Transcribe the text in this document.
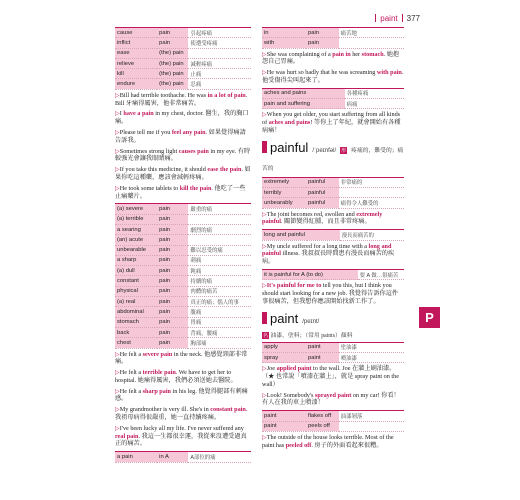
paint 377
cause	pain	引起疼痛
inflict	pain	使遭受疼痛
ease	(the) pain	
relieve	(the) pain	減輕疼痛
kill	(the) pain	止痛
endure	(the) pain	忍痛
▷Bill had terrible toothache. He was in a lot of pain. Bill 牙痛得厲害，他非常痛苦。
▷I have a pain in my chest, doctor. 醫生，我的胸口痛。
▷Please tell me if you feel any pain. 如果覺得痛請告訴我。
▷Sometimes strong light causes pain in my eye. 有時較強光會讓我眼睛痛。
▷If you take this medicine, it should ease the pain. 如果你吃這種藥，應該會減輕疼痛。
▷He took some tablets to kill the pain. 他吃了一些止痛藥片。
(a) severe	pain	嚴重的痛
(a) terrible	pain	
a searing	pain	劇烈的痛
(an) acute	pain	
unbearable	pain	難以忍受的痛
a sharp	pain	刺痛
(a) dull	pain	鈍痛
constant	pain	持續的痛
physical	pain	肉體的痛苦
(a) real	pain	真正的痛；惱人的事
abdominal	pain	腹痛
stomach	pain	胃痛
back	pain	背痛，腰痛
chest	pain	胸部痛
▷He felt a severe pain in the neck. 他感覺頸部非常痛。
▷He felt a terrible pain. We have to get her to hospital. 她痛得厲害，我們必須送她去醫院。
▷He felt a sharp pain in his leg. 他覺得腿部有刺痛感。
▷My grandmother is very ill. She's in constant pain. 我祖母病得很嚴重，她一直持續疼痛。
▷I've been lucky all my life. I've never suffered any real pain. 我這一生都很幸運，我從來沒遭受過真正的痛苦。
a pain	in A	A部位的痛
in	pain	痛苦地
with	pain	
▷She was complaining of a pain in her stomach. 她抱怨自己胃痛。
▷He was hurt so badly that he was screaming with pain. 他受傷得尖叫起來了。
aches and pains		各種疼痛
pain and suffering		病痛
▷When you get older, you start suffering from all kinds of aches and pains! 等你上了年紀，就會開始有各種病痛！
painful /ˈpeɪnfəl/ 形 疼痛的，難受的；痛苦的
extremely	painful	非常痛的
terribly	painful	
unbearably	painful	痛得令人難受的
▷The joint becomes red, swollen and extremely painful. 關節變得紅腫，而且非常疼痛。
long and painful		漫長而痛苦的
▷My uncle suffered for a long time with a long and painful illness. 我叔叔長時間患有漫長而痛苦的疾病。
it is painful for A (to do)		要 A 做…很痛苦
▷It's painful for me to tell you this, but I think you should start looking for a new job. 我覺得告訴你這件事很痛苦，但我想你應該開始找新工作了。
paint /peɪnt/
名 油漆，塗料；（常用 paints）顏料
apply	paint	塗油漆
spray	paint	噴油漆
▷Joe applied paint to the wall. Joe 在牆上刷油漆。（★ 也常說「噴漆在牆上」，就是 spray paint on the wall）
▷Look! Somebody's sprayed paint on my car! 你看！有人在我的車上噴漆！
paint	flakes off	油漆剝落
paint	peels off	
▷The outside of the house looks terrible. Most of the paint has peeled off. 房子的外面看起來很糟。
P
